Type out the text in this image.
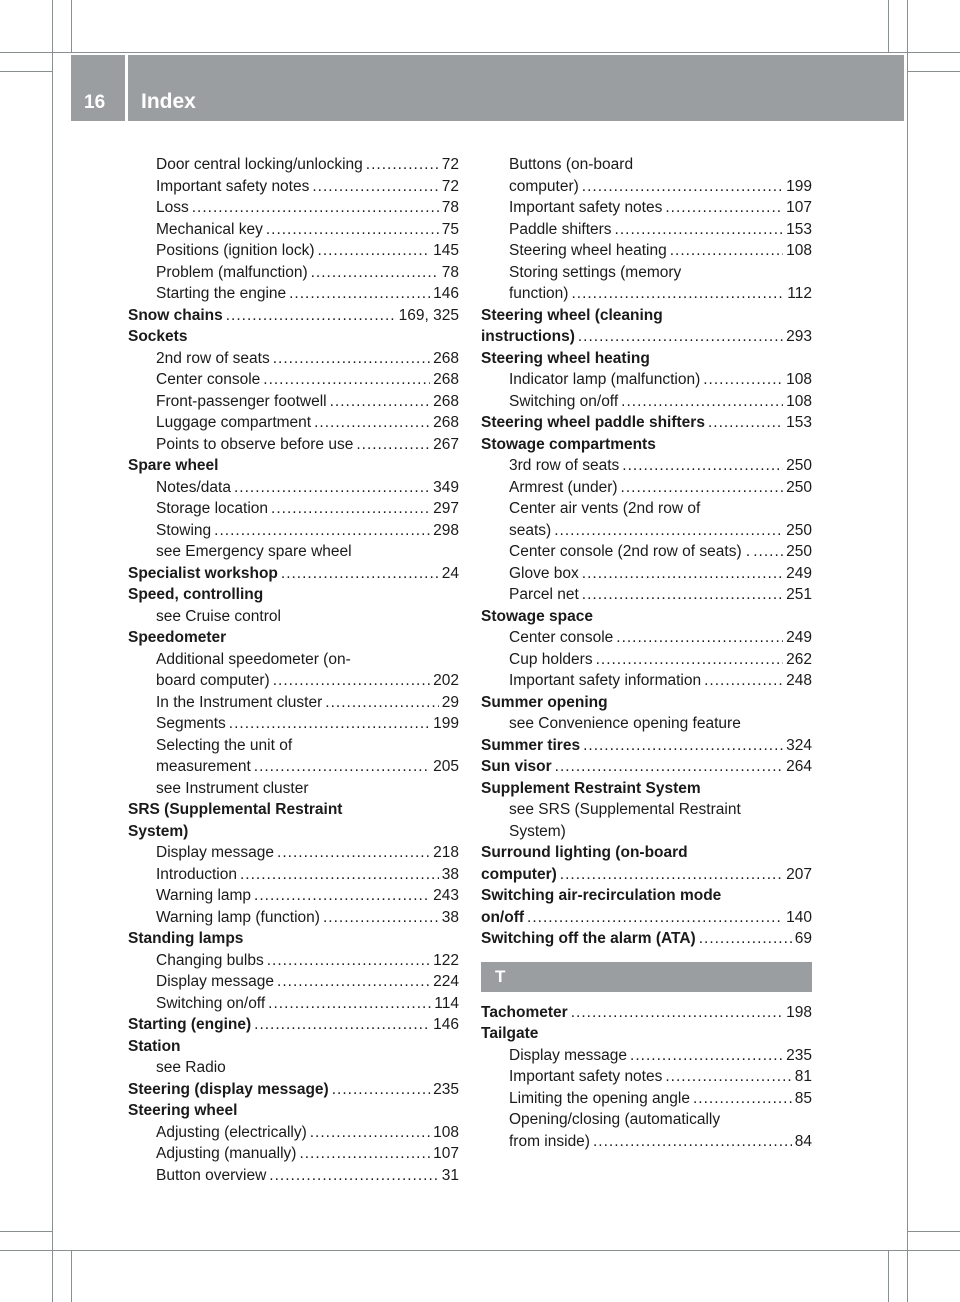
16 Index
Door central locking/unlocking .....	72
Important safety notes .....	72
Loss .....	78
Mechanical key .....	75
Positions (ignition lock) .....	145
Problem (malfunction) .....	78
Starting the engine .....	146
Snow chains .....	169, 325
Sockets
2nd row of seats .....	268
Center console .....	268
Front-passenger footwell .....	268
Luggage compartment .....	268
Points to observe before use .....	267
Spare wheel
Notes/data .....	349
Storage location .....	297
Stowing .....	298
see Emergency spare wheel
Specialist workshop .....	24
Speed, controlling
see Cruise control
Speedometer
Additional speedometer (on-
board computer) .....	202
In the Instrument cluster .....	29
Segments .....	199
Selecting the unit of
measurement .....	205
see Instrument cluster
SRS (Supplemental Restraint
System)
Display message .....	218
Introduction .....	38
Warning lamp .....	243
Warning lamp (function) .....	38
Standing lamps
Changing bulbs .....	122
Display message .....	224
Switching on/off .....	114
Starting (engine) .....	146
Station
see Radio
Steering (display message) .....	235
Steering wheel
Adjusting (electrically) .....	108
Adjusting (manually) .....	107
Button overview .....	31
Buttons (on-board
computer) .....	199
Important safety notes .....	107
Paddle shifters .....	153
Steering wheel heating .....	108
Storing settings (memory
function) .....	112
Steering wheel (cleaning
instructions) .....	293
Steering wheel heating
Indicator lamp (malfunction) .....	108
Switching on/off .....	108
Steering wheel paddle shifters .....	153
Stowage compartments
3rd row of seats .....	250
Armrest (under) .....	250
Center air vents (2nd row of
seats) .....	250
Center console (2nd row of seats) . ..... 250
Glove box .....	249
Parcel net .....	251
Stowage space
Center console .....	249
Cup holders .....	262
Important safety information .....	248
Summer opening
see Convenience opening feature
Summer tires .....	324
Sun visor .....	264
Supplement Restraint System
see SRS (Supplemental Restraint
System)
Surround lighting (on-board
computer) .....	207
Switching air-recirculation mode
on/off .....	140
Switching off the alarm (ATA) .....	69
T
Tachometer .....	198
Tailgate
Display message .....	235
Important safety notes .....	81
Limiting the opening angle .....	85
Opening/closing (automatically
from inside) .....	84
